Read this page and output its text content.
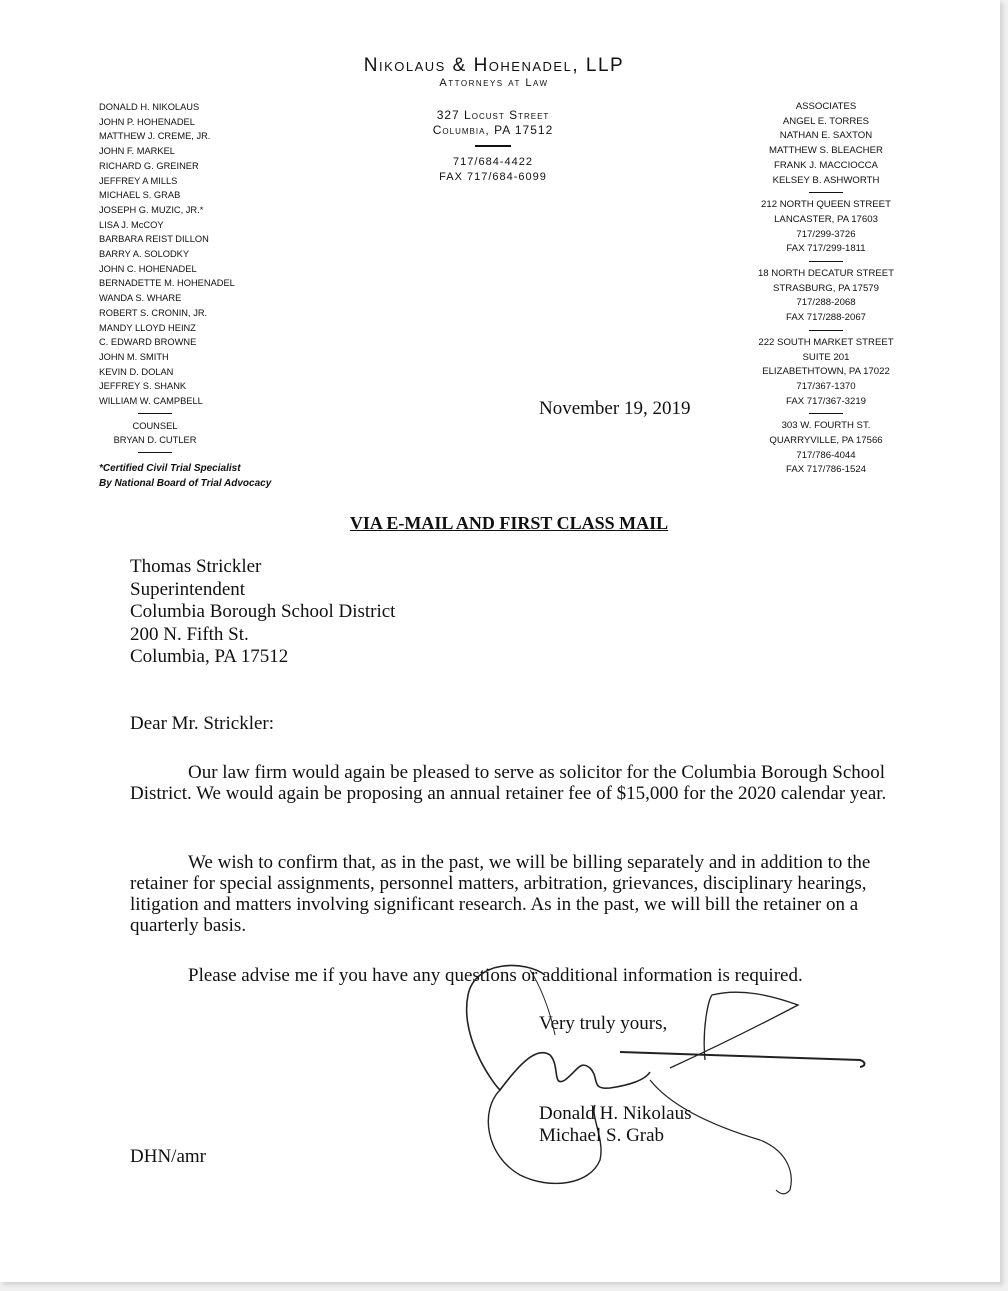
Nikolaus & Hohenadel, LLP
Attorneys at Law
327 Locust Street
Columbia, PA 17512
717/684-4422
FAX 717/684-6099
DONALD H. NIKOLAUS
JOHN P. HOHENADEL
MATTHEW J. CREME, JR.
JOHN F. MARKEL
RICHARD G. GREINER
JEFFREY A MILLS
MICHAEL S. GRAB
JOSEPH G. MUZIC, JR.*
LISA J. McCOY
BARBARA REIST DILLON
BARRY A. SOLODKY
JOHN C. HOHENADEL
BERNADETTE M. HOHENADEL
WANDA S. WHARE
ROBERT S. CRONIN, JR.
MANDY LLOYD HEINZ
C. EDWARD BROWNE
JOHN M. SMITH
KEVIN D. DOLAN
JEFFREY S. SHANK
WILLIAM W. CAMPBELL
COUNSEL
BRYAN D. CUTLER
*Certified Civil Trial Specialist
By National Board of Trial Advocacy
ASSOCIATES
ANGEL E. TORRES
NATHAN E. SAXTON
MATTHEW S. BLEACHER
FRANK J. MACCIOCCA
KELSEY B. ASHWORTH
212 NORTH QUEEN STREET
LANCASTER, PA 17603
717/299-3726
FAX 717/299-1811
18 NORTH DECATUR STREET
STRASBURG, PA 17579
717/288-2068
FAX 717/288-2067
222 SOUTH MARKET STREET
SUITE 201
ELIZABETHTOWN, PA 17022
717/367-1370
FAX 717/367-3219
303 W. FOURTH ST.
QUARRYVILLE, PA 17566
717/786-4044
FAX 717/786-1524
November 19, 2019
VIA E-MAIL AND FIRST CLASS MAIL
Thomas Strickler
Superintendent
Columbia Borough School District
200 N. Fifth St.
Columbia, PA 17512
Dear Mr. Strickler:
Our law firm would again be pleased to serve as solicitor for the Columbia Borough School District. We would again be proposing an annual retainer fee of $15,000 for the 2020 calendar year.
We wish to confirm that, as in the past, we will be billing separately and in addition to the retainer for special assignments, personnel matters, arbitration, grievances, disciplinary hearings, litigation and matters involving significant research. As in the past, we will bill the retainer on a quarterly basis.
Please advise me if you have any questions or additional information is required.
Very truly yours,
Donald H. Nikolaus
Michael S. Grab
DHN/amr
